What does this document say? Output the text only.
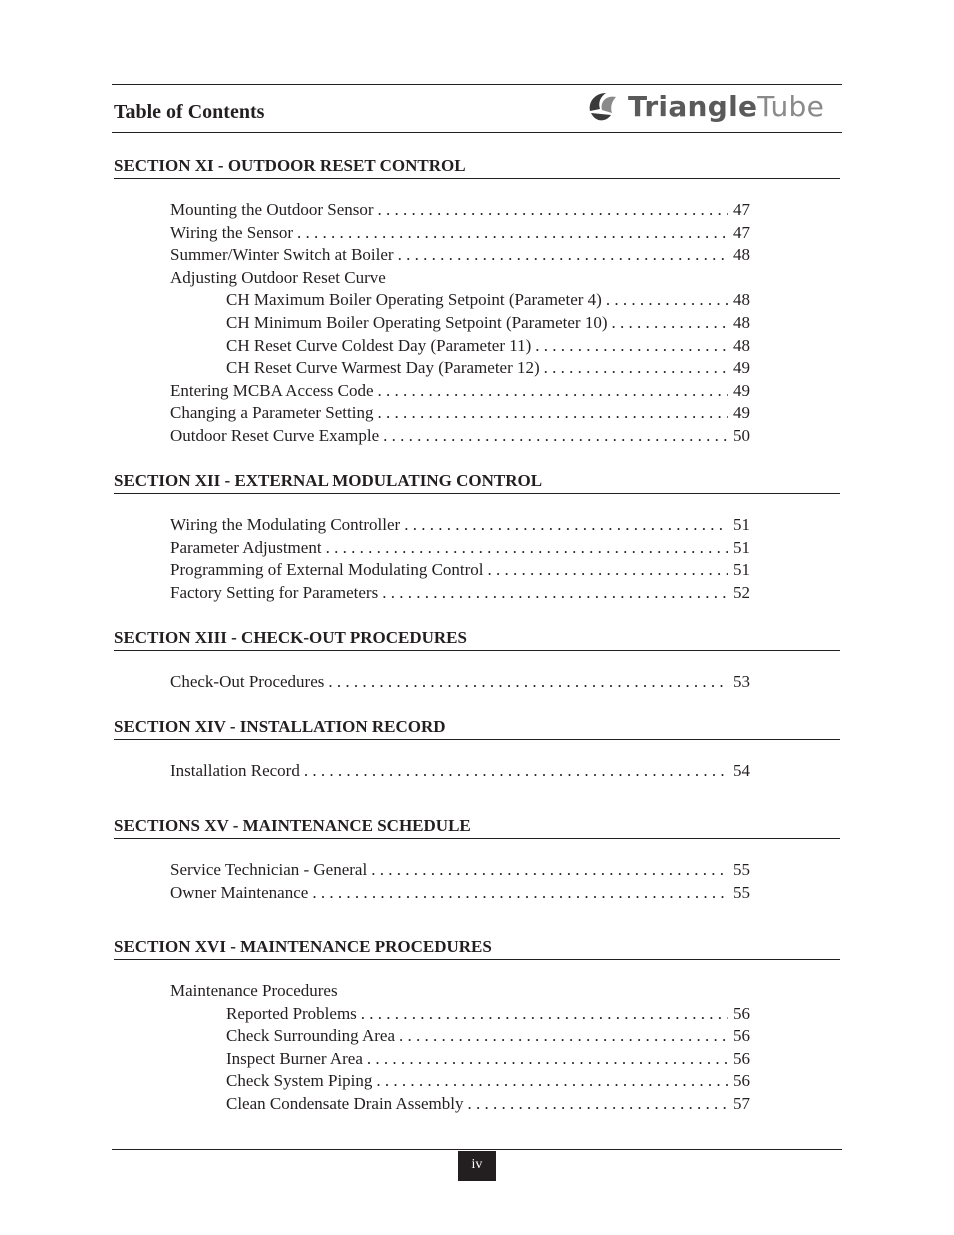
Table of Contents	TriangleTube
SECTION XI - OUTDOOR RESET CONTROL
Mounting the Outdoor Sensor . . .	47
Wiring the Sensor . . .	47
Summer/Winter Switch at Boiler . . .	48
Adjusting Outdoor Reset Curve
CH Maximum Boiler Operating Setpoint (Parameter 4) . . .	48
CH Minimum Boiler Operating Setpoint (Parameter 10) . . .	48
CH Reset Curve Coldest Day (Parameter 11) . . .	48
CH Reset Curve Warmest Day (Parameter 12) . . .	49
Entering MCBA Access Code . . .	49
Changing a Parameter Setting . . .	49
Outdoor Reset Curve Example . . .	50
SECTION XII - EXTERNAL MODULATING CONTROL
Wiring the Modulating Controller . . .	51
Parameter Adjustment . . .	51
Programming of External Modulating Control . . .	51
Factory Setting for Parameters . . .	52
SECTION XIII - CHECK-OUT PROCEDURES
Check-Out Procedures . . .	53
SECTION XIV - INSTALLATION RECORD
Installation Record . . .	54
SECTIONS XV - MAINTENANCE SCHEDULE
Service Technician - General . . .	55
Owner Maintenance . . .	55
SECTION XVI - MAINTENANCE PROCEDURES
Maintenance Procedures
Reported Problems . . .	56
Check Surrounding Area . . .	56
Inspect Burner Area . . .	56
Check System Piping . . .	56
Clean Condensate Drain Assembly . . .	57
iv
